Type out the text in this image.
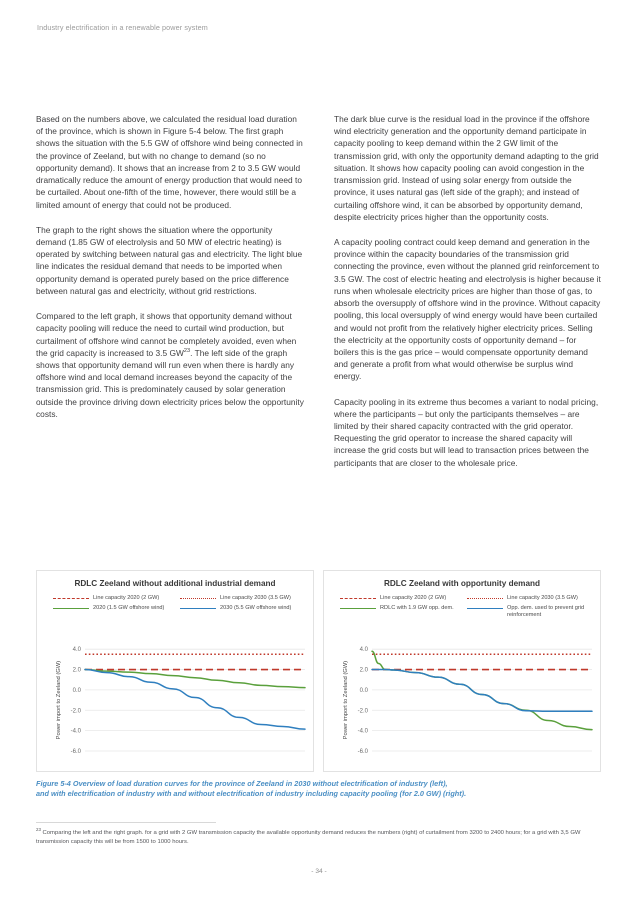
Industry electrification in a renewable power system

Based on the numbers above, we calculated the residual load duration of the province, which is shown in Figure 5-4 below. The first graph shows the situation with the 5.5 GW of offshore wind being connected in the province of Zeeland, but with no change to demand (so no opportunity demand). It shows that an increase from 2 to 3.5 GW would dramatically reduce the amount of energy production that would need to be curtailed. About one-fifth of the time, however, there would still be a limited amount of energy that could not be produced.

The graph to the right shows the situation where the opportunity demand (1.85 GW of electrolysis and 50 MW of electric heating) is operated by switching between natural gas and electricity. The light blue line indicates the residual demand that needs to be imported when opportunity demand is operated purely based on the price difference between natural gas and electricity, without grid restrictions.

Compared to the left graph, it shows that opportunity demand without capacity pooling will reduce the need to curtail wind production, but curtailment of offshore wind cannot be completely avoided, even when the grid capacity is increased to 3.5 GW$^{23}$. The left side of the graph shows that opportunity demand will run even when there is hardly any offshore wind and local demand increases beyond the capacity of the transmission grid. This is predominately caused by solar generation outside the province driving down electricity prices below the opportunity costs.

The dark blue curve is the residual load in the province if the offshore wind electricity generation and the opportunity demand participate in capacity pooling to keep demand within the 2 GW limit of the transmission grid, with only the opportunity demand adapting to the grid situation. It shows how capacity pooling can avoid congestion in the transmission grid. Instead of using solar energy from outside the province, it uses natural gas (left side of the graph); and instead of curtailing offshore wind, it can be absorbed by opportunity demand, despite electricity prices higher than the opportunity costs.

A capacity pooling contract could keep demand and generation in the province within the capacity boundaries of the transmission grid connecting the province, even without the planned grid reinforcement to 3.5 GW. The cost of electric heating and electrolysis is higher because it runs when wholesale electricity prices are higher than those of gas, to absorb the oversupply of offshore wind in the province. Without capacity pooling, this local oversupply of wind energy would have been curtailed and would not profit from the relatively higher electricity prices. Selling the electricity at the opportunity costs of opportunity demand – for boilers this is the gas price – would compensate opportunity demand and generate a profit from what would otherwise be surplus wind energy.

Capacity pooling in its extreme thus becomes a variant to nodal pricing, where the participants – but only the participants themselves – are limited by their shared capacity contracted with the grid operator. Requesting the grid operator to increase the shared capacity will increase the grid costs but will lead to transaction prices between the participants that are closer to the wholesale price.

RDLC Zeeland without additional industrial demand
Line capacity 2020 (2 GW)	Line capacity 2030 (3.5 GW)
2020 (1.5 GW offshore wind)	2030 (5.5 GW offshore wind)
Power import to Zeeland (GW)
4.0
2.0
0.0
-2.0
-4.0
-6.0
RDLC Zeeland with opportunity demand
Line capacity 2020 (2 GW)	Line capacity 2030 (3.5 GW)
RDLC with 1.9 GW opp. dem.	Opp. dem. used to prevent grid reinforcement
Power import to Zeeland (GW)
4.0
2.0
0.0
-2.0
-4.0
-6.0
Figure 5-4 Overview of load duration curves for the province of Zeeland in 2030 without electrification of industry (left),
and with electrification of industry with and without electrification of industry including capacity pooling (for 2.0 GW) (right).
$^{23}$ Comparing the left and the right graph. for a grid with 2 GW transmission capacity the available opportunity demand reduces the numbers (right) of curtailment from 3200 to 2400 hours; for a grid with 3,5 GW transmission capacity this will be from 1500 to 1000 hours.
- 34 -
